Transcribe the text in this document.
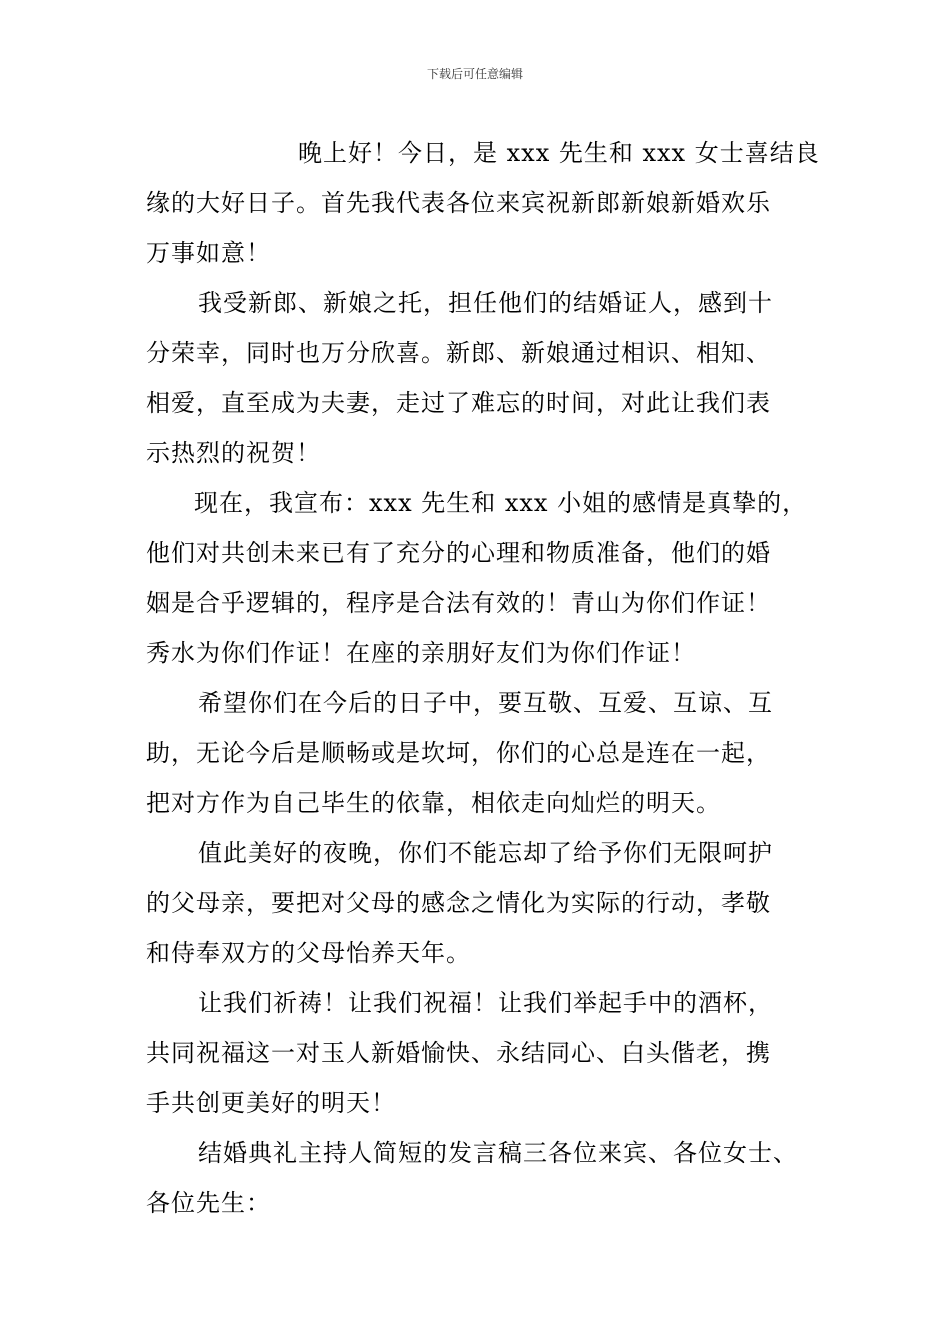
下载后可任意编辑
晚上好！今日，是 xxx 先生和 xxx 女士喜结良
缘的大好日子。首先我代表各位来宾祝新郎新娘新婚欢乐
万事如意！
我受新郎、新娘之托，担任他们的结婚证人，感到十
分荣幸，同时也万分欣喜。新郎、新娘通过相识、相知、
相爱，直至成为夫妻，走过了难忘的时间，对此让我们表
示热烈的祝贺！
现在，我宣布：xxx 先生和 xxx 小姐的感情是真挚的，
他们对共创未来已有了充分的心理和物质准备，他们的婚
姻是合乎逻辑的，程序是合法有效的！青山为你们作证！
秀水为你们作证！在座的亲朋好友们为你们作证！
希望你们在今后的日子中，要互敬、互爱、互谅、互
助，无论今后是顺畅或是坎坷，你们的心总是连在一起，
把对方作为自己毕生的依靠，相依走向灿烂的明天。
值此美好的夜晚，你们不能忘却了给予你们无限呵护
的父母亲，要把对父母的感念之情化为实际的行动，孝敬
和侍奉双方的父母怡养天年。
让我们祈祷！让我们祝福！让我们举起手中的酒杯，
共同祝福这一对玉人新婚愉快、永结同心、白头偕老，携
手共创更美好的明天！
结婚典礼主持人简短的发言稿三各位来宾、各位女士、
各位先生：
